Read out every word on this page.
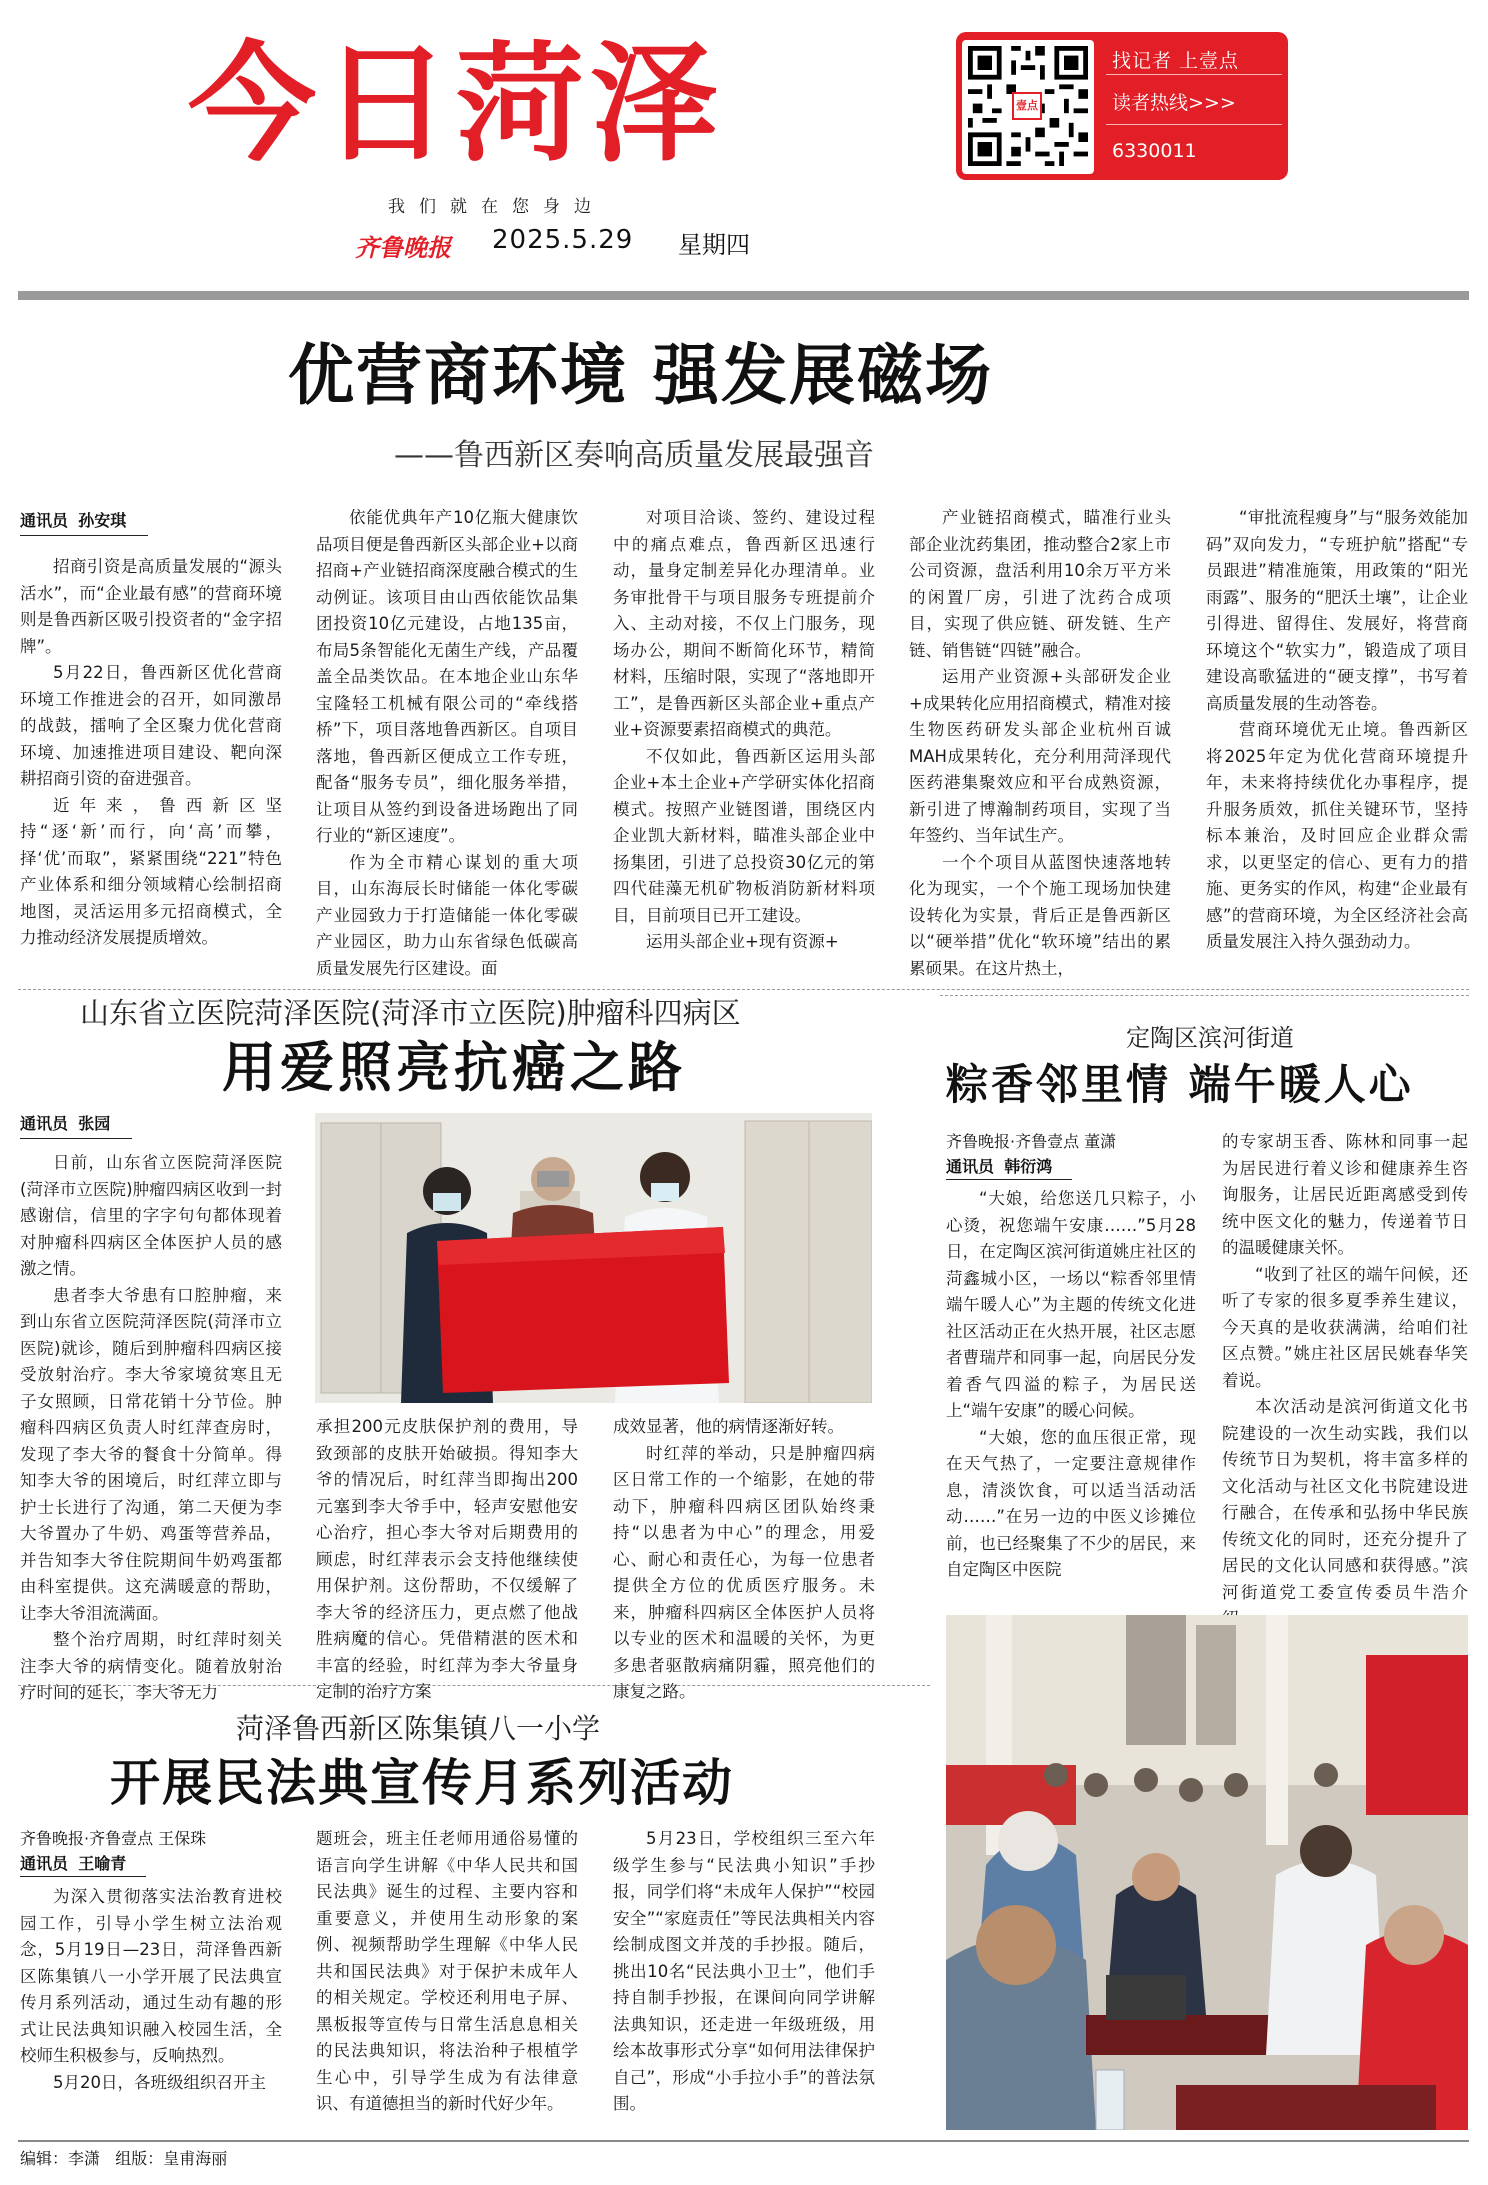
今日菏泽
我们就在您身边
齐鲁晚报 2025.5.29 星期四
壹点
找记者 上壹点
读者热线>>>
6330011
优营商环境 强发展磁场
——鲁西新区奏响高质量发展最强音
通讯员 孙安琪

招商引资是高质量发展的“源头活水”，而“企业最有感”的营商环境则是鲁西新区吸引投资者的“金字招牌”。

5月22日，鲁西新区优化营商环境工作推进会的召开，如同激昂的战鼓，擂响了全区聚力优化营商环境、加速推进项目建设、靶向深耕招商引资的奋进强音。

近年来，鲁西新区坚持“逐‘新’而行，向‘高’而攀，择‘优’而取”，紧紧围绕“221”特色产业体系和细分领域精心绘制招商地图，灵活运用多元招商模式，全力推动经济发展提质增效。

依能优典年产10亿瓶大健康饮品项目便是鲁西新区头部企业+以商招商+产业链招商深度融合模式的生动例证。该项目由山西依能饮品集团投资10亿元建设，占地135亩，布局5条智能化无菌生产线，产品覆盖全品类饮品。在本地企业山东华宝隆轻工机械有限公司的“牵线搭桥”下，项目落地鲁西新区。自项目落地，鲁西新区便成立工作专班，配备“服务专员”，细化服务举措，让项目从签约到设备进场跑出了同行业的“新区速度”。

作为全市精心谋划的重大项目，山东海辰长时储能一体化零碳产业园致力于打造储能一体化零碳产业园区，助力山东省绿色低碳高质量发展先行区建设。面

对项目洽谈、签约、建设过程中的痛点难点，鲁西新区迅速行动，量身定制差异化办理清单。业务审批骨干与项目服务专班提前介入、主动对接，不仅上门服务，现场办公，期间不断简化环节，精简材料，压缩时限，实现了“落地即开工”，是鲁西新区头部企业+重点产业+资源要素招商模式的典范。

不仅如此，鲁西新区运用头部企业+本土企业+产学研实体化招商模式。按照产业链图谱，围绕区内企业凯大新材料，瞄准头部企业中扬集团，引进了总投资30亿元的第四代硅藻无机矿物板消防新材料项目，目前项目已开工建设。

运用头部企业+现有资源+

产业链招商模式，瞄准行业头部企业沈药集团，推动整合2家上市公司资源，盘活利用10余万平方米的闲置厂房，引进了沈药合成项目，实现了供应链、研发链、生产链、销售链“四链”融合。

运用产业资源+头部研发企业+成果转化应用招商模式，精准对接生物医药研发头部企业杭州百诚MAH成果转化，充分利用菏泽现代医药港集聚效应和平台成熟资源，新引进了博瀚制药项目，实现了当年签约、当年试生产。

一个个项目从蓝图快速落地转化为现实，一个个施工现场加快建设转化为实景，背后正是鲁西新区以“硬举措”优化“软环境”结出的累累硕果。在这片热土，

“审批流程瘦身”与“服务效能加码”双向发力，“专班护航”搭配“专员跟进”精准施策，用政策的“阳光雨露”、服务的“肥沃土壤”，让企业引得进、留得住、发展好，将营商环境这个“软实力”，锻造成了项目建设高歌猛进的“硬支撑”，书写着高质量发展的生动答卷。

营商环境优无止境。鲁西新区将2025年定为优化营商环境提升年，未来将持续优化办事程序，提升服务质效，抓住关键环节，坚持标本兼治，及时回应企业群众需求，以更坚定的信心、更有力的措施、更务实的作风，构建“企业最有感”的营商环境，为全区经济社会高质量发展注入持久强劲动力。

山东省立医院菏泽医院(菏泽市立医院)肿瘤科四病区
用爱照亮抗癌之路
通讯员 张园

日前，山东省立医院菏泽医院(菏泽市立医院)肿瘤四病区收到一封感谢信，信里的字字句句都体现着对肿瘤科四病区全体医护人员的感激之情。

患者李大爷患有口腔肿瘤，来到山东省立医院菏泽医院(菏泽市立医院)就诊，随后到肿瘤科四病区接受放射治疗。李大爷家境贫寒且无子女照顾，日常花销十分节俭。肿瘤科四病区负责人时红萍查房时，发现了李大爷的餐食十分简单。得知李大爷的困境后，时红萍立即与护士长进行了沟通，第二天便为李大爷置办了牛奶、鸡蛋等营养品，并告知李大爷住院期间牛奶鸡蛋都由科室提供。这充满暖意的帮助，让李大爷泪流满面。

整个治疗周期，时红萍时刻关注李大爷的病情变化。随着放射治疗时间的延长，李大爷无力

承担200元皮肤保护剂的费用，导致颈部的皮肤开始破损。得知李大爷的情况后，时红萍当即掏出200元塞到李大爷手中，轻声安慰他安心治疗，担心李大爷对后期费用的顾虑，时红萍表示会支持他继续使用保护剂。这份帮助，不仅缓解了李大爷的经济压力，更点燃了他战胜病魔的信心。凭借精湛的医术和丰富的经验，时红萍为李大爷量身定制的治疗方案

成效显著，他的病情逐渐好转。

时红萍的举动，只是肿瘤四病区日常工作的一个缩影，在她的带动下，肿瘤科四病区团队始终秉持“以患者为中心”的理念，用爱心、耐心和责任心，为每一位患者提供全方位的优质医疗服务。未来，肿瘤科四病区全体医护人员将以专业的医术和温暖的关怀，为更多患者驱散病痛阴霾，照亮他们的康复之路。

定陶区滨河街道
粽香邻里情 端午暖人心
齐鲁晚报·齐鲁壹点 董潇
通讯员 韩衍鸿

“大娘，给您送几只粽子，小心烫，祝您端午安康……”5月28日，在定陶区滨河街道姚庄社区的菏鑫城小区，一场以“粽香邻里情 端午暖人心”为主题的传统文化进社区活动正在火热开展，社区志愿者曹瑞芹和同事一起，向居民分发着香气四溢的粽子，为居民送上“端午安康”的暖心问候。

“大娘，您的血压很正常，现在天气热了，一定要注意规律作息，清淡饮食，可以适当活动活动……”在另一边的中医义诊摊位前，也已经聚集了不少的居民，来自定陶区中医院

的专家胡玉香、陈林和同事一起为居民进行着义诊和健康养生咨询服务，让居民近距离感受到传统中医文化的魅力，传递着节日的温暖健康关怀。

“收到了社区的端午问候，还听了专家的很多夏季养生建议，今天真的是收获满满，给咱们社区点赞。”姚庄社区居民姚春华笑着说。

本次活动是滨河街道文化书院建设的一次生动实践，我们以传统节日为契机，将丰富多样的文化活动与社区文化书院建设进行融合，在传承和弘扬中华民族传统文化的同时，还充分提升了居民的文化认同感和获得感。”滨河街道党工委宣传委员牛浩介

菏泽鲁西新区陈集镇八一小学
开展民法典宣传月系列活动
齐鲁晚报·齐鲁壹点 王保珠
通讯员 王喻青

为深入贯彻落实法治教育进校园工作，引导小学生树立法治观念，5月19日—23日，菏泽鲁西新区陈集镇八一小学开展了民法典宣传月系列活动，通过生动有趣的形式让民法典知识融入校园生活，全校师生积极参与，反响热烈。

5月20日，各班级组织召开主

题班会，班主任老师用通俗易懂的语言向学生讲解《中华人民共和国民法典》诞生的过程、主要内容和重要意义，并使用生动形象的案例、视频帮助学生理解《中华人民共和国民法典》对于保护未成年人的相关规定。学校还利用电子屏、黑板报等宣传与日常生活息息相关的民法典知识，将法治种子根植学生心中，引导学生成为有法律意识、有道德担当的新时代好少年。

5月23日，学校组织三至六年级学生参与“民法典小知识”手抄报，同学们将“未成年人保护”“校园安全”“家庭责任”等民法典相关内容绘制成图文并茂的手抄报。随后，挑出10名“民法典小卫士”，他们手持自制手抄报，在课间向同学讲解法典知识，还走进一年级班级，用绘本故事形式分享“如何用法律保护自己”，形成“小手拉小手”的普法氛围。

编辑：李潇 组版：皇甫海丽
